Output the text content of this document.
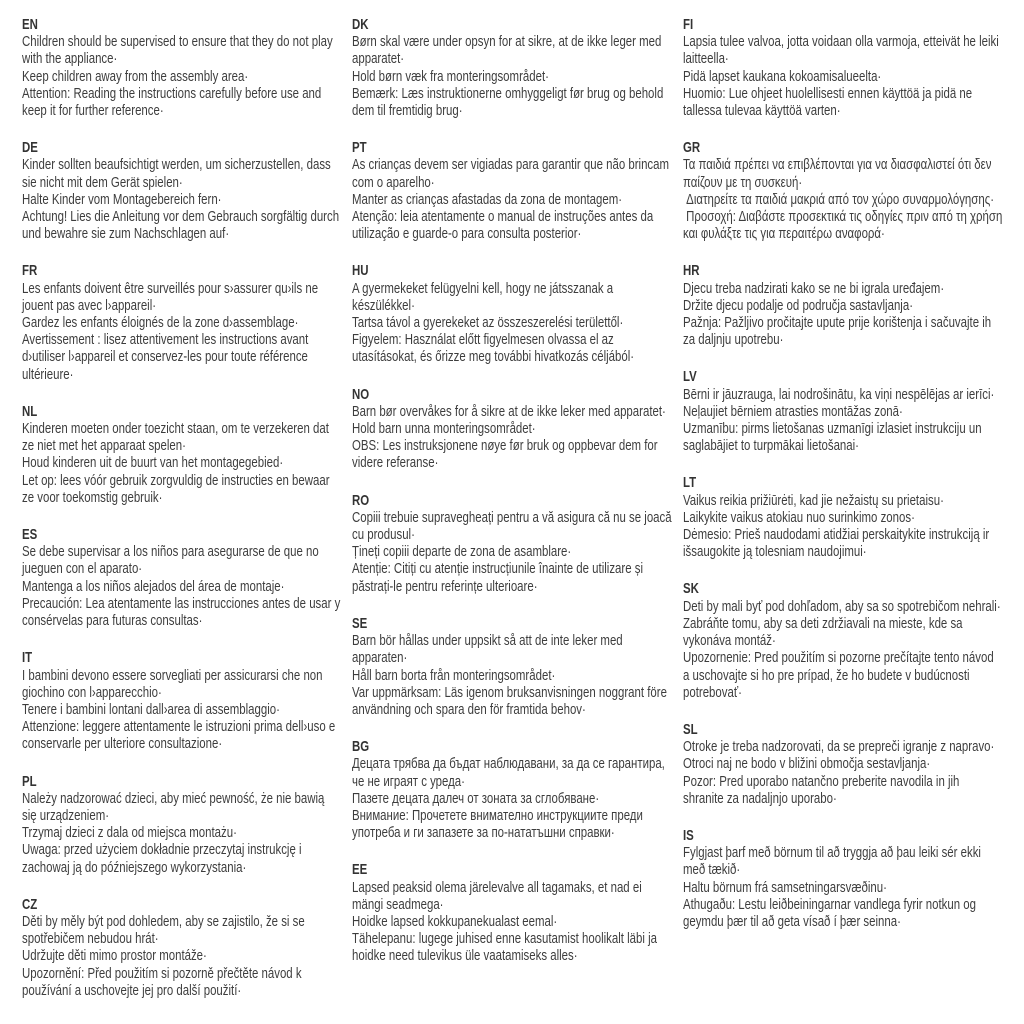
EN
Children should be supervised to ensure that they do not play with the appliance·
Keep children away from the assembly area·
Attention: Reading the instructions carefully before use and keep it for further reference·
DE
Kinder sollten beaufsichtigt werden, um sicherzustellen, dass sie nicht mit dem Gerät spielen·
Halte Kinder vom Montagebereich fern·
Achtung! Lies die Anleitung vor dem Gebrauch sorgfältig durch und bewahre sie zum Nachschlagen auf·
FR
Les enfants doivent être surveillés pour s›assurer qu›ils ne jouent pas avec l›appareil·
Gardez les enfants éloignés de la zone d›assemblage·
Avertissement : lisez attentivement les instructions avant d›utiliser l›appareil et conservez-les pour toute référence ultérieure·
NL
Kinderen moeten onder toezicht staan, om te verzekeren dat ze niet met het apparaat spelen·
Houd kinderen uit de buurt van het montagegebied·
Let op: lees vóór gebruik zorgvuldig de instructies en bewaar ze voor toekomstig gebruik·
ES
Se debe supervisar a los niños para asegurarse de que no jueguen con el aparato·
Mantenga a los niños alejados del área de montaje·
Precaución: Lea atentamente las instrucciones antes de usar y consérvelas para futuras consultas·
IT
I bambini devono essere sorvegliati per assicurarsi che non giochino con l›apparecchio·
Tenere i bambini lontani dall›area di assemblaggio·
Attenzione: leggere attentamente le istruzioni prima dell›uso e conservarle per ulteriore consultazione·
PL
Należy nadzorować dzieci, aby mieć pewność, że nie bawią się urządzeniem·
Trzymaj dzieci z dala od miejsca montażu·
Uwaga: przed użyciem dokładnie przeczytaj instrukcję i zachowaj ją do późniejszego wykorzystania·
CZ
Děti by měly být pod dohledem, aby se zajistilo, že si se spotřebičem nebudou hrát·
Udržujte děti mimo prostor montáže·
Upozornění: Před použitím si pozorně přečtěte návod k používání a uschovejte jej pro další použití·
DK
Børn skal være under opsyn for at sikre, at de ikke leger med apparatet·
Hold børn væk fra monteringsområdet·
Bemærk: Læs instruktionerne omhyggeligt før brug og behold dem til fremtidig brug·
PT
As crianças devem ser vigiadas para garantir que não brincam com o aparelho·
Manter as crianças afastadas da zona de montagem·
Atenção: leia atentamente o manual de instruções antes da utilização e guarde-o para consulta posterior·
HU
A gyermekeket felügyelni kell, hogy ne játsszanak a készülékkel·
Tartsa távol a gyerekeket az összeszerelési területtől·
Figyelem: Használat előtt figyelmesen olvassa el az utasításokat, és őrizze meg további hivatkozás céljából·
NO
Barn bør overvåkes for å sikre at de ikke leker med apparatet·
Hold barn unna monteringsområdet·
OBS: Les instruksjonene nøye før bruk og oppbevar dem for videre referanse·
RO
Copiii trebuie supravegheați pentru a vă asigura că nu se joacă cu produsul·
Țineți copiii departe de zona de asamblare·
Atenție: Citiți cu atenție instrucțiunile înainte de utilizare și păstrați-le pentru referințe ulterioare·
SE
Barn bör hållas under uppsikt så att de inte leker med apparaten·
Håll barn borta från monteringsområdet·
Var uppmärksam: Läs igenom bruksanvisningen noggrant före användning och spara den för framtida behov·
BG
Децата трябва да бъдат наблюдавани, за да се гарантира, че не играят с уреда·
Пазете децата далеч от зоната за сглобяване·
Внимание: Прочетете внимателно инструкциите преди употреба и ги запазете за по-нататъшни справки·
EE
Lapsed peaksid olema järelevalve all tagamaks, et nad ei mängi seadmega·
Hoidke lapsed kokkupanekualast eemal·
Tähelepanu: lugege juhised enne kasutamist hoolikalt läbi ja hoidke need tulevikus üle vaatamiseks alles·
FI
Lapsia tulee valvoa, jotta voidaan olla varmoja, etteivät he leiki laitteella·
Pidä lapset kaukana kokoamisalueelta·
Huomio: Lue ohjeet huolellisesti ennen käyttöä ja pidä ne tallessa tulevaa käyttöä varten·
GR
Τα παιδιά πρέπει να επιβλέπονται για να διασφαλιστεί ότι δεν παίζουν με τη συσκευή·
Διατηρείτε τα παιδιά μακριά από τον χώρο συναρμολόγησης·
Προσοχή: Διαβάστε προσεκτικά τις οδηγίες πριν από τη χρήση και φυλάξτε τις για περαιτέρω αναφορά·
HR
Djecu treba nadzirati kako se ne bi igrala uređajem·
Držite djecu podalje od područja sastavljanja·
Pažnja: Pažljivo pročitajte upute prije korištenja i sačuvajte ih za daljnju upotrebu·
LV
Bērni ir jāuzrauga, lai nodrošinātu, ka viņi nespēlējas ar ierīci·
Neļaujiet bērniem atrasties montāžas zonā·
Uzmanību: pirms lietošanas uzmanīgi izlasiet instrukciju un saglabājiet to turpmākai lietošanai·
LT
Vaikus reikia prižiūrėti, kad jie nežaistų su prietaisu·
Laikykite vaikus atokiau nuo surinkimo zonos·
Dėmesio: Prieš naudodami atidžiai perskaitykite instrukciją ir išsaugokite ją tolesniam naudojimui·
SK
Deti by mali byť pod dohľadom, aby sa so spotrebičom nehrali·
Zabráňte tomu, aby sa deti zdržiavali na mieste, kde sa vykonáva montáž·
Upozornenie: Pred použitím si pozorne prečítajte tento návod a uschovajte si ho pre prípad, že ho budete v budúcnosti potrebovať·
SL
Otroke je treba nadzorovati, da se prepreči igranje z napravo·
Otroci naj ne bodo v bližini območja sestavljanja·
Pozor: Pred uporabo natančno preberite navodila in jih shranite za nadaljnjo uporabo·
IS
Fylgjast þarf með börnum til að tryggja að þau leiki sér ekki með tækið·
Haltu börnum frá samsetningarsvæðinu·
Athugaðu: Lestu leiðbeiningarnar vandlega fyrir notkun og geymdu þær til að geta vísað í þær seinna·
